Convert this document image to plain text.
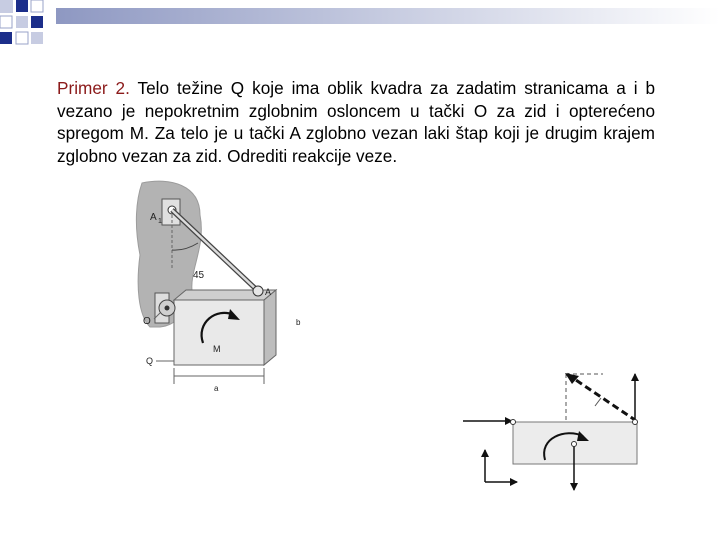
Primer 2. Telo težine Q koje ima oblik kvadra za zadatim stranicama a i b vezano je nepokretnim zglobnim osloncem u tački O za zid i opterećeno spregom M. Za telo je u tački A zglobno vezan laki štap koji je drugim krajem zglobno vezan za zid. Odrediti reakcije veze.
A 1
45
A
O	b
M
Q
a
